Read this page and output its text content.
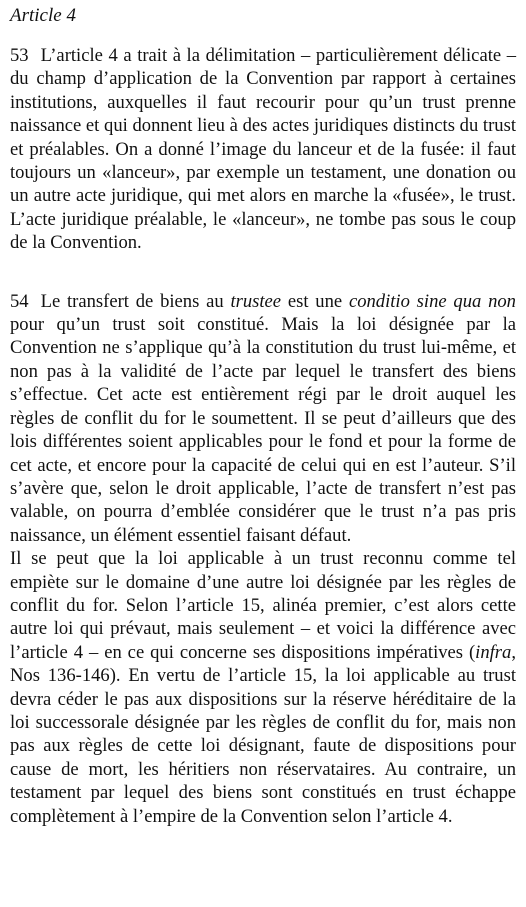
Article 4

53 L’article 4 a trait à la délimitation – particulièrement délicate – du champ d’application de la Convention par rapport à certaines institutions, auxquelles il faut recourir pour qu’un trust prenne naissance et qui donnent lieu à des actes juridiques distincts du trust et préalables. On a donné l’image du lanceur et de la fusée: il faut toujours un «lanceur», par exemple un testament, une donation ou un autre acte juridique, qui met alors en marche la «fusée», le trust. L’acte juridique préalable, le «lanceur», ne tombe pas sous le coup de la Convention.

54 Le transfert de biens au trustee est une conditio sine qua non pour qu’un trust soit constitué. Mais la loi désignée par la Convention ne s’applique qu’à la constitution du trust lui-même, et non pas à la validité de l’acte par lequel le transfert des biens s’effectue. Cet acte est entièrement régi par le droit auquel les règles de conflit du for le soumettent. Il se peut d’ailleurs que des lois différentes soient applicables pour le fond et pour la forme de cet acte, et encore pour la capacité de celui qui en est l’auteur. S’il s’avère que, selon le droit applicable, l’acte de transfert n’est pas valable, on pourra d’emblée considérer que le trust n’a pas pris naissance, un élément essentiel faisant défaut.

Il se peut que la loi applicable à un trust reconnu comme tel empiète sur le domaine d’une autre loi désignée par les règles de conflit du for. Selon l’article 15, alinéa premier, c’est alors cette autre loi qui prévaut, mais seulement – et voici la différence avec l’article 4 – en ce qui concerne ses dispositions impératives (infra, Nos 136-146). En vertu de l’article 15, la loi applicable au trust devra céder le pas aux dispositions sur la réserve héréditaire de la loi successorale désignée par les règles de conflit du for, mais non pas aux règles de cette loi désignant, faute de dispositions pour cause de mort, les héritiers non réservataires. Au contraire, un testament par lequel des biens sont constitués en trust échappe complètement à l’empire de la Convention selon l’article 4.
